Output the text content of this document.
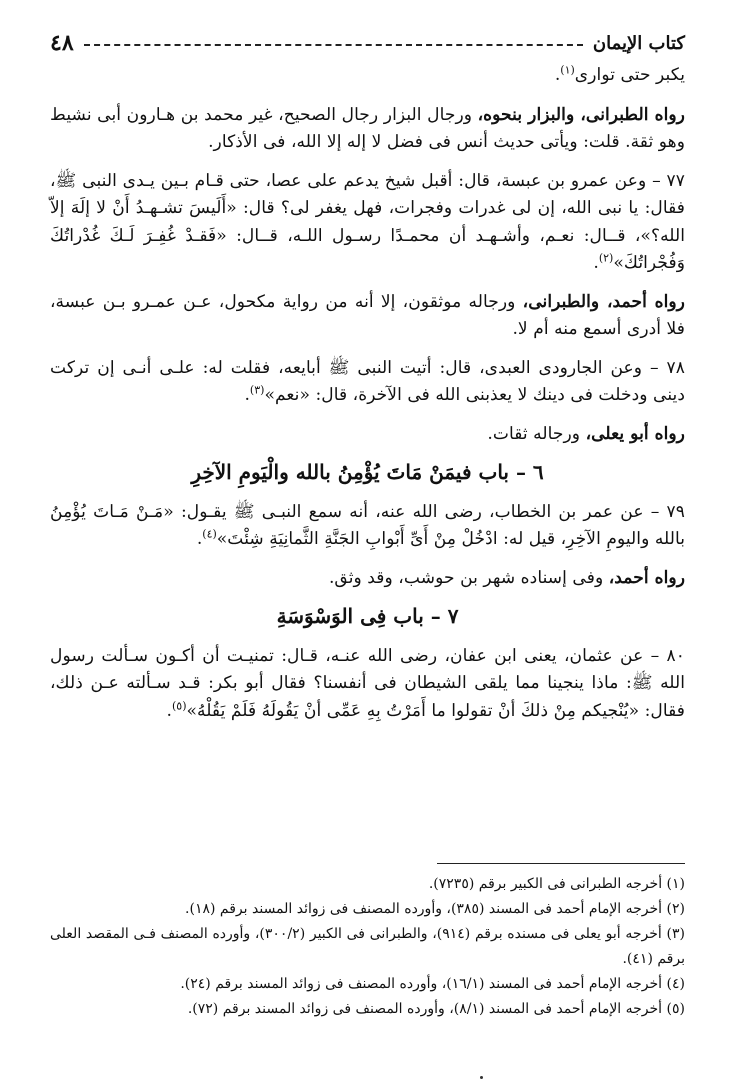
كتاب الإيمان
٤٨

يكبر حتى توارى$^{(١)}$.

رواه الطبرانى، والبزار بنحوه، ورجال البزار رجال الصحيح، غير محمد بن هـارون أبى نشيط وهو ثقة. قلت: ويأتى حديث أنس فى فضل لا إله إلا الله، فى الأذكار.

٧٧ – وعن عمرو بن عبسة، قال: أقبل شيخ يدعم على عصا، حتى قـام بـين يـدى النبى ﷺ، فقال: يا نبى الله، إن لى غدرات وفجرات، فهل يغفر لى؟ قال: «أَلَيسَ تشـهـدُ أَنْ لا إلَهَ إلاّ الله؟»، قــال: نعـم، وأشـهـد أن محمـدًا رسـول اللـه، قــال: «فَقـدْ غُفِـرَ لَـكَ غُدْراتُكَ وَفُجْراتُكَ»$^{(٢)}$.

رواه أحمد، والطبرانى، ورجاله موثقون، إلا أنه من رواية مكحول، عـن عمـرو بـن عبسة، فلا أدرى أسمع منه أم لا.

٧٨ – وعن الجارودى العبدى، قال: أتيت النبى ﷺ أبايعه، فقلت له: علـى أنـى إن تركت دينى ودخلت فى دينك لا يعذبنى الله فى الآخرة، قال: «نعم»$^{(٣)}$.

رواه أبو يعلى، ورجاله ثقات.

٦ – باب فيمَنْ مَاتَ يُؤْمِنُ بالله والْيَومِ الآخِرِ

٧٩ – عن عمر بن الخطاب، رضى الله عنه، أنه سمع النبـى ﷺ يقـول: «مَـنْ مَـاتَ يُؤْمِنُ بالله واليومِ الآخِرِ، قيل له: ادْخُلْ مِنْ أَىِّ أَبْوابِ الجَنَّةِ الثَّمانِيَةِ شِئْتَ»$^{(٤)}$.

رواه أحمد، وفى إسناده شهر بن حوشب، وقد وثق.

٧ – باب فِى الوَسْوَسَةِ

٨٠ – عن عثمان، يعنى ابن عفان، رضى الله عنـه، قـال: تمنيـت أن أكـون سـألت رسول الله ﷺ: ماذا ينجينا مما يلقى الشيطان فى أنفسنا؟ فقال أبو بكر: قـد سـألته عـن ذلك، فقال: «يُنْجيكم مِنْ ذلكَ أنْ تقولوا ما أَمَرْتُ بِهِ عَمِّى أنْ يَقُولَهُ فَلَمْ يَقُلْهُ»$^{(٥)}$.

(١) أخرجه الطبرانى فى الكبير برقم (٧٢٣٥).
(٢) أخرجه الإمام أحمد فى المسند (٣٨٥)، وأورده المصنف فى زوائد المسند برقم (١٨).
(٣) أخرجه أبو يعلى فى مسنده برقم (٩١٤)، والطبرانى فى الكبير (٣٠٠/٢)، وأورده المصنف فـى المقصد العلى برقم (٤١).
(٤) أخرجه الإمام أحمد فى المسند (١٦/١)، وأورده المصنف فى زوائد المسند برقم (٢٤).
(٥) أخرجه الإمام أحمد فى المسند (٨/١)، وأورده المصنف فى زوائد المسند برقم (٧٢).
